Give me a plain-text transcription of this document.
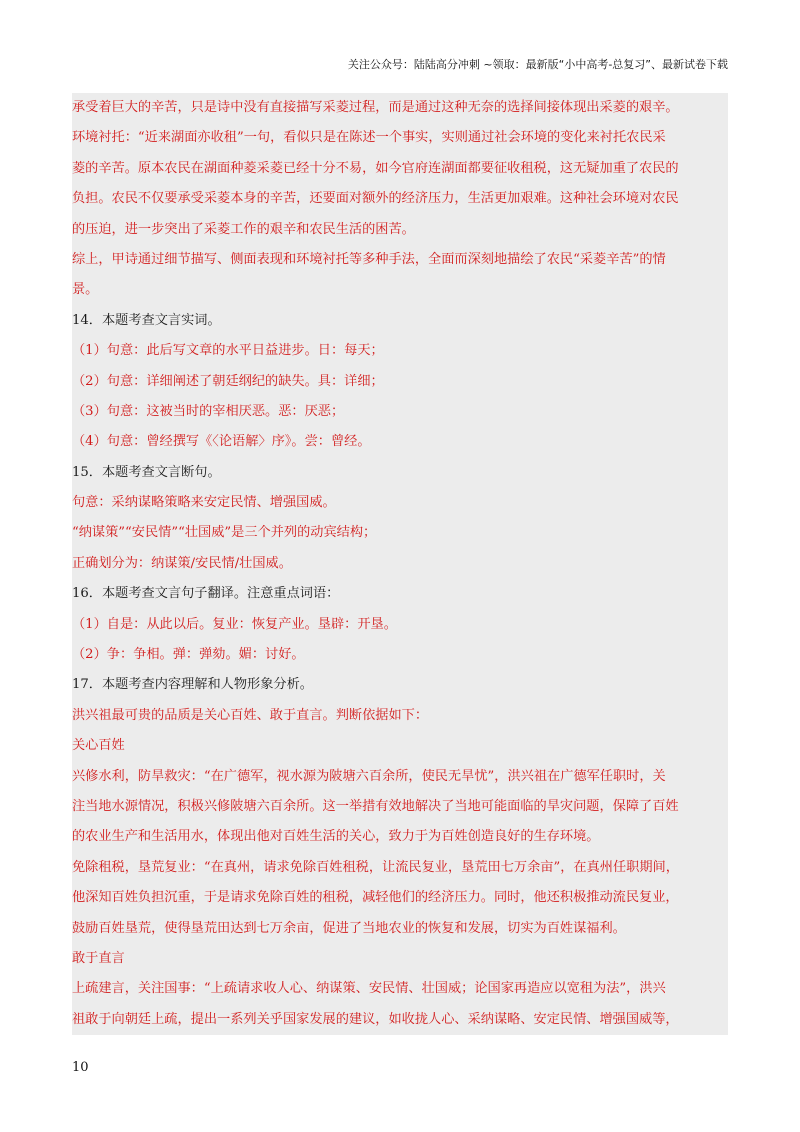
关注公众号：陆陆高分冲刺 ~领取：最新版“小中高考-总复习”、最新试卷下载
承受着巨大的辛苦，只是诗中没有直接描写采菱过程，而是通过这种无奈的选择间接体现出采菱的艰辛。
环境衬托：“近来湖面亦收租”一句，看似只是在陈述一个事实，实则通过社会环境的变化来衬托农民采
菱的辛苦。原本农民在湖面种菱采菱已经十分不易，如今官府连湖面都要征收租税，这无疑加重了农民的
负担。农民不仅要承受采菱本身的辛苦，还要面对额外的经济压力，生活更加艰难。这种社会环境对农民
的压迫，进一步突出了采菱工作的艰辛和农民生活的困苦。
综上，甲诗通过细节描写、侧面表现和环境衬托等多种手法，全面而深刻地描绘了农民“采菱辛苦”的情
景。
14．本题考查文言实词。
（1）句意：此后写文章的水平日益进步。日：每天；
（2）句意：详细阐述了朝廷纲纪的缺失。具：详细；
（3）句意：这被当时的宰相厌恶。恶：厌恶；
（4）句意：曾经撰写《〈论语解〉序》。尝：曾经。
15．本题考查文言断句。
句意：采纳谋略策略来安定民情、增强国威。
“纳谋策”“安民情”“壮国威”是三个并列的动宾结构；
正确划分为：纳谋策/安民情/壮国威。
16．本题考查文言句子翻译。注意重点词语：
（1）自是：从此以后。复业：恢复产业。垦辟：开垦。
（2）争：争相。弹：弹劾。媚：讨好。
17．本题考查内容理解和人物形象分析。
洪兴祖最可贵的品质是关心百姓、敢于直言。判断依据如下：
关心百姓
兴修水利，防旱救灾：“在广德军，视水源为陂塘六百余所，使民无旱忧”，洪兴祖在广德军任职时，关
注当地水源情况，积极兴修陂塘六百余所。这一举措有效地解决了当地可能面临的旱灾问题，保障了百姓
的农业生产和生活用水，体现出他对百姓生活的关心，致力于为百姓创造良好的生存环境。
免除租税，垦荒复业：“在真州，请求免除百姓租税，让流民复业，垦荒田七万余亩”，在真州任职期间，
他深知百姓负担沉重，于是请求免除百姓的租税，减轻他们的经济压力。同时，他还积极推动流民复业，
鼓励百姓垦荒，使得垦荒田达到七万余亩，促进了当地农业的恢复和发展，切实为百姓谋福利。
敢于直言
上疏建言，关注国事：“上疏请求收人心、纳谋策、安民情、壮国威；论国家再造应以宽租为法”，洪兴
祖敢于向朝廷上疏，提出一系列关乎国家发展的建议，如收拢人心、采纳谋略、安定民情、增强国威等，
10
